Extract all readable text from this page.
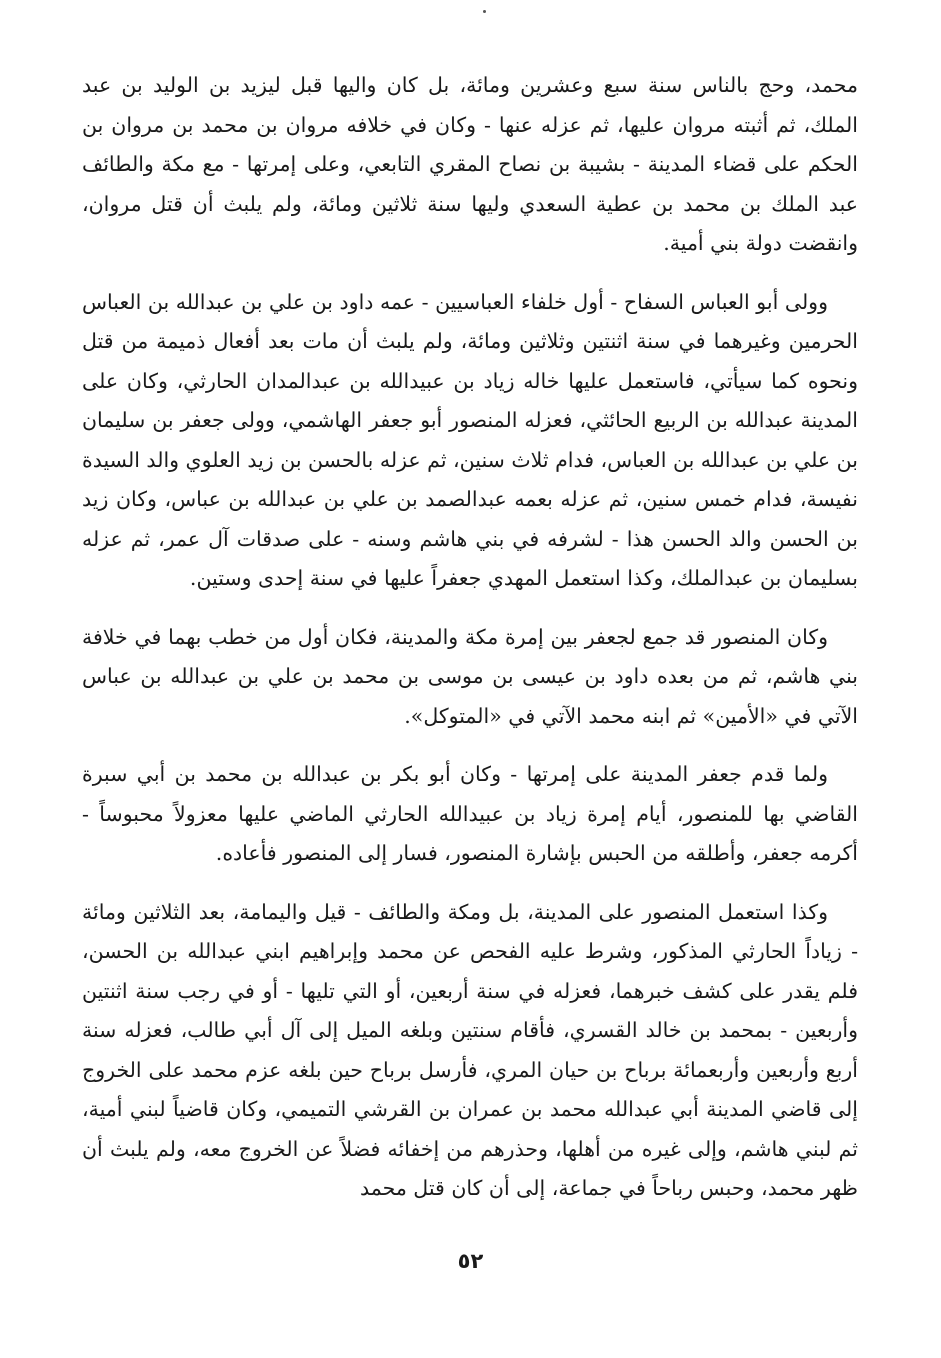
محمد، وحج بالناس سنة سبع وعشرين ومائة، بل كان واليها قبل ليزيد بن الوليد بن عبد الملك، ثم أثبته مروان عليها، ثم عزله عنها - وكان في خلافه مروان بن محمد بن مروان بن الحكم على قضاء المدينة - بشيبة بن نصاح المقري التابعي، وعلى إمرتها - مع مكة والطائف عبد الملك بن محمد بن عطية السعدي وليها سنة ثلاثين ومائة، ولم يلبث أن قتل مروان، وانقضت دولة بني أمية.

وولى أبو العباس السفاح - أول خلفاء العباسيين - عمه داود بن علي بن عبدالله بن العباس الحرمين وغيرهما في سنة اثنتين وثلاثين ومائة، ولم يلبث أن مات بعد أفعال ذميمة من قتل ونحوه كما سيأتي، فاستعمل عليها خاله زياد بن عبيدالله بن عبدالمدان الحارثي، وكان على المدينة عبدالله بن الربيع الحائثي، فعزله المنصور أبو جعفر الهاشمي، وولى جعفر بن سليمان بن علي بن عبدالله بن العباس، فدام ثلاث سنين، ثم عزله بالحسن بن زيد العلوي والد السيدة نفيسة، فدام خمس سنين، ثم عزله بعمه عبدالصمد بن علي بن عبدالله بن عباس، وكان زيد بن الحسن والد الحسن هذا - لشرفه في بني هاشم وسنه - على صدقات آل عمر، ثم عزله بسليمان بن عبدالملك، وكذا استعمل المهدي جعفراً عليها في سنة إحدى وستين.

وكان المنصور قد جمع لجعفر بين إمرة مكة والمدينة، فكان أول من خطب بهما في خلافة بني هاشم، ثم من بعده داود بن عيسى بن موسى بن محمد بن علي بن عبدالله بن عباس الآتي في «الأمين» ثم ابنه محمد الآتي في «المتوكل».

ولما قدم جعفر المدينة على إمرتها - وكان أبو بكر بن عبدالله بن محمد بن أبي سبرة القاضي بها للمنصور، أيام إمرة زياد بن عبيدالله الحارثي الماضي عليها معزولاً محبوساً - أكرمه جعفر، وأطلقه من الحبس بإشارة المنصور، فسار إلى المنصور فأعاده.

وكذا استعمل المنصور على المدينة، بل ومكة والطائف - قيل واليمامة، بعد الثلاثين ومائة - زياداً الحارثي المذكور، وشرط عليه الفحص عن محمد وإبراهيم ابني عبدالله بن الحسن، فلم يقدر على كشف خبرهما، فعزله في سنة أربعين، أو التي تليها - أو في رجب سنة اثنتين وأربعين - بمحمد بن خالد القسري، فأقام سنتين وبلغه الميل إلى آل أبي طالب، فعزله سنة أربع وأربعين وأربعمائة برباح بن حيان المري، فأرسل برباح حين بلغه عزم محمد على الخروج إلى قاضي المدينة أبي عبدالله محمد بن عمران بن القرشي التميمي، وكان قاضياً لبني أمية، ثم لبني هاشم، وإلى غيره من أهلها، وحذرهم من إخفائه فضلاً عن الخروج معه، ولم يلبث أن ظهر محمد، وحبس رباحاً في جماعة، إلى أن كان قتل محمد

٥٢
